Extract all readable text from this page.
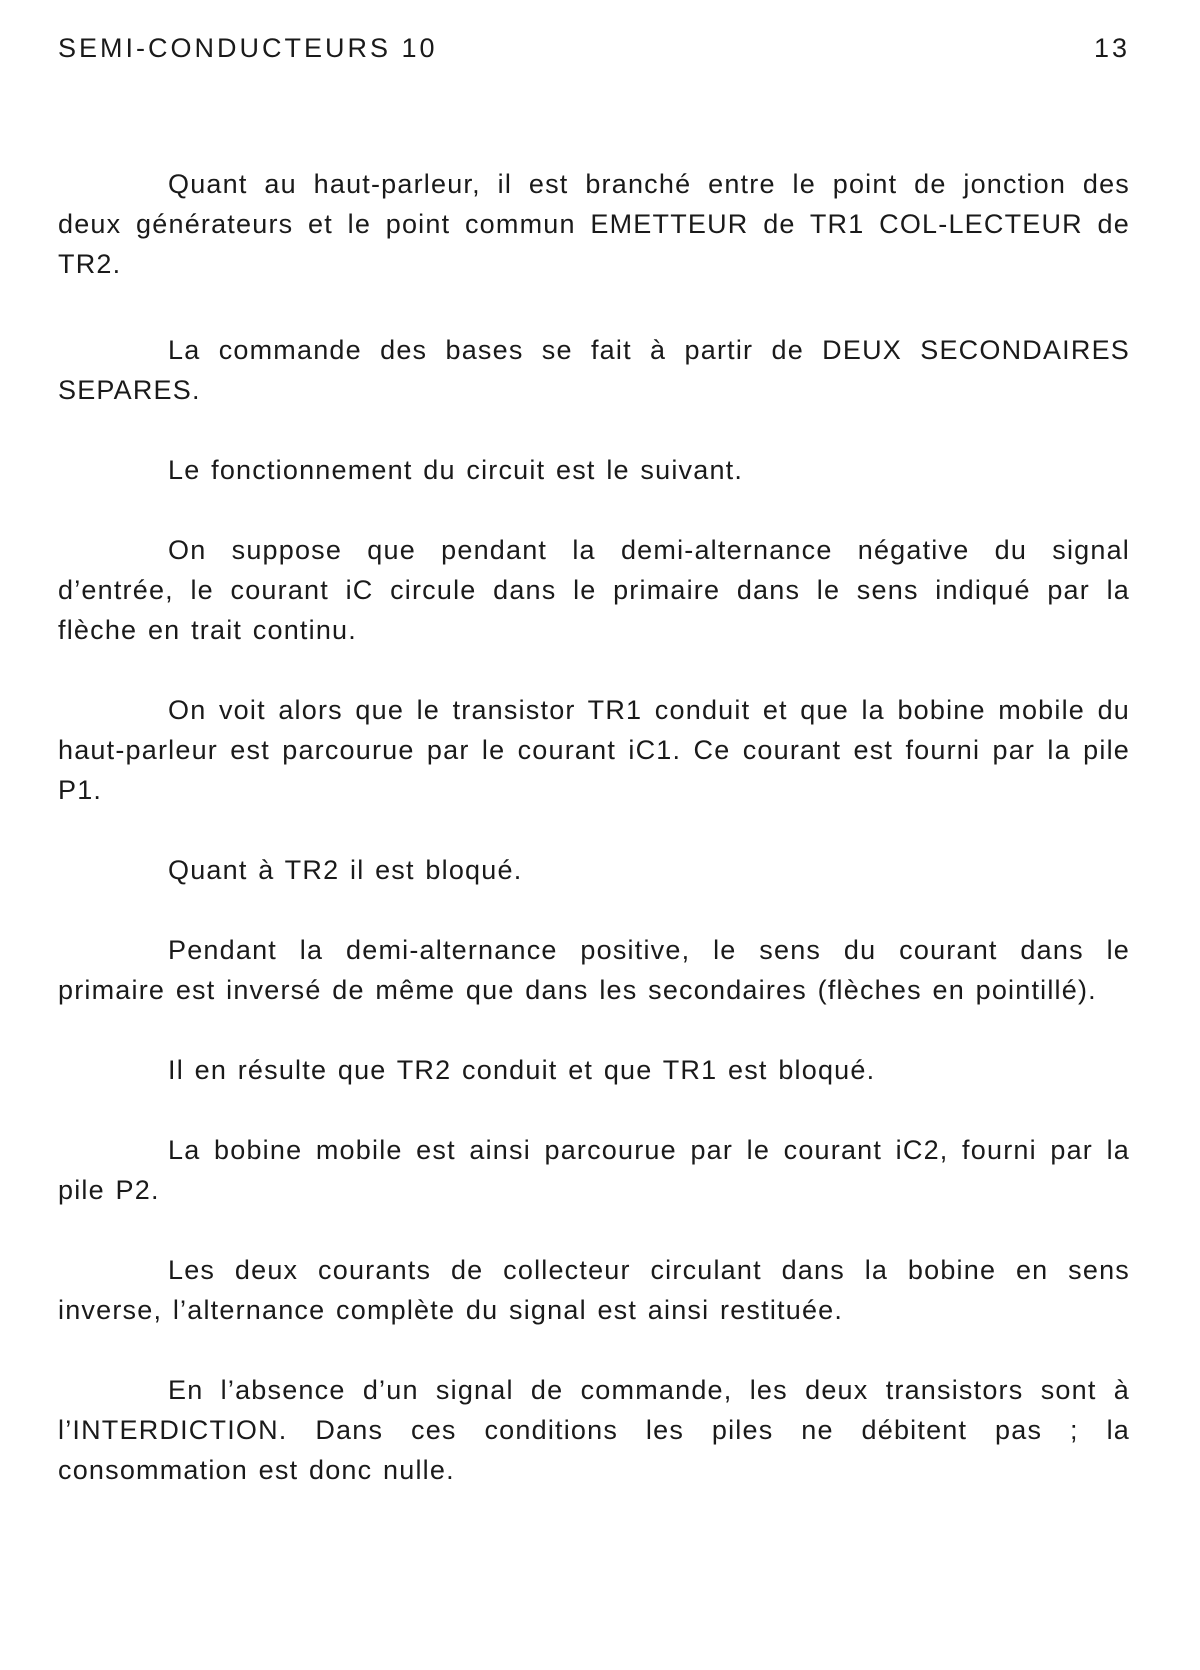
SEMI-CONDUCTEURS 10	13

Quant au haut-parleur, il est branché entre le point de jonction des deux générateurs et le point commun EMETTEUR de TR1 COL-LECTEUR de TR2.

La commande des bases se fait à partir de DEUX SECONDAIRES SEPARES.

Le fonctionnement du circuit est le suivant.

On suppose que pendant la demi-alternance négative du signal d’entrée, le courant iC circule dans le primaire dans le sens indiqué par la flèche en trait continu.

On voit alors que le transistor TR1 conduit et que la bobine mobile du haut-parleur est parcourue par le courant iC1. Ce courant est fourni par la pile P1.

Quant à TR2 il est bloqué.

Pendant la demi-alternance positive, le sens du courant dans le primaire est inversé de même que dans les secondaires (flèches en pointillé).

Il en résulte que TR2 conduit et que TR1 est bloqué.

La bobine mobile est ainsi parcourue par le courant iC2, fourni par la pile P2.

Les deux courants de collecteur circulant dans la bobine en sens inverse, l’alternance complète du signal est ainsi restituée.

En l’absence d’un signal de commande, les deux transistors sont à l’INTERDICTION. Dans ces conditions les piles ne débitent pas ; la consommation est donc nulle.
